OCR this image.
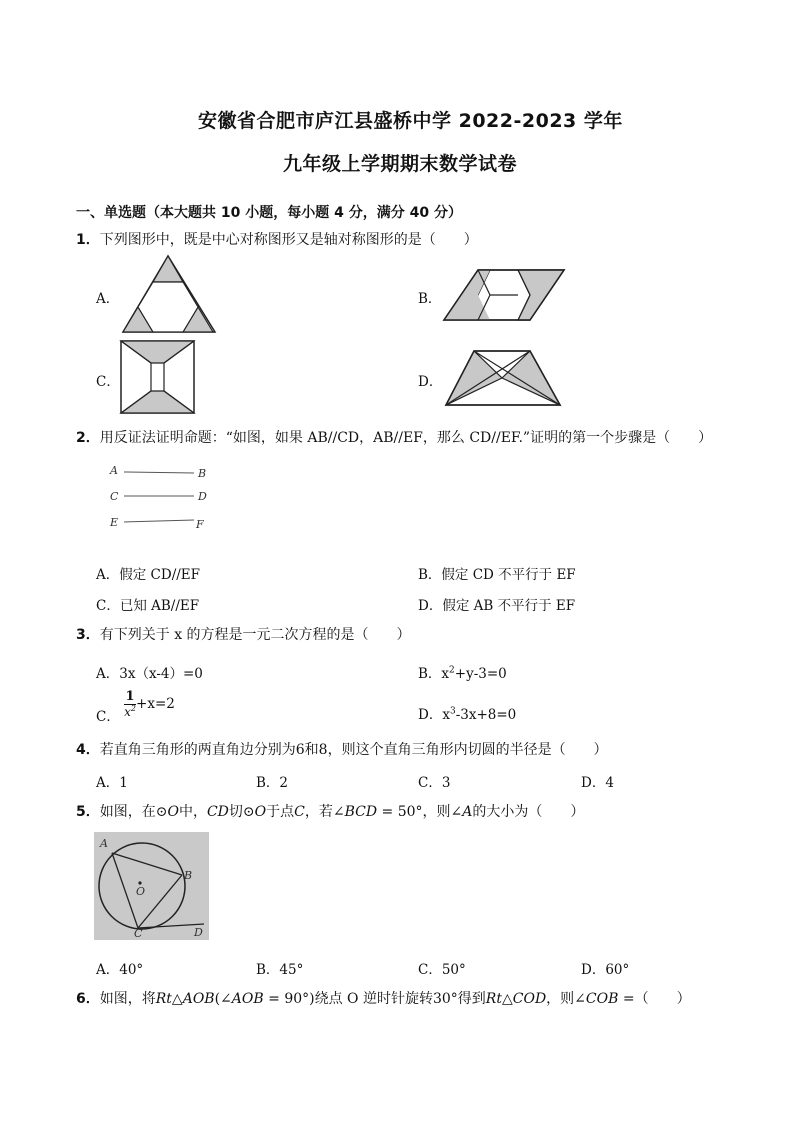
安徽省合肥市庐江县盛桥中学 2022-2023 学年
九年级上学期期末数学试卷
一、单选题（本大题共 10 小题，每小题 4 分，满分 40 分）
1．下列图形中，既是中心对称图形又是轴对称图形的是（　　）
A．	B．
C．	D．
2．用反证法证明命题：“如图，如果 AB//CD，AB//EF，那么 CD//EF.”证明的第一个步骤是（　　）
A	B
C	D
E	F
A．假定 CD//EF	B．假定 CD 不平行于 EF
C．已知 AB//EF	D．假定 AB 不平行于 EF
3．有下列关于 x 的方程是一元二次方程的是（　　）
A．3x（x-4）=0	B．$x^2+y-3=0$
C． $\frac{1}{x^2} +x=2$
D．$x^3-3x+8=0$
4．若直角三角形的两直角边分别为6和8，则这个直角三角形内切圆的半径是（　　）
A．1	B．2	C．3	D．4
5．如图，在⊙O中，CD切⊙O于点C，若∠BCD = 50°，则∠A的大小为（　　）
A
B
O
C	D
A．40°	B．45°	C．50°	D．60°
6．如图，将Rt△AOB(∠AOB = 90°)绕点 O 逆时针旋转30°得到Rt△COD，则∠COB =（　　）
